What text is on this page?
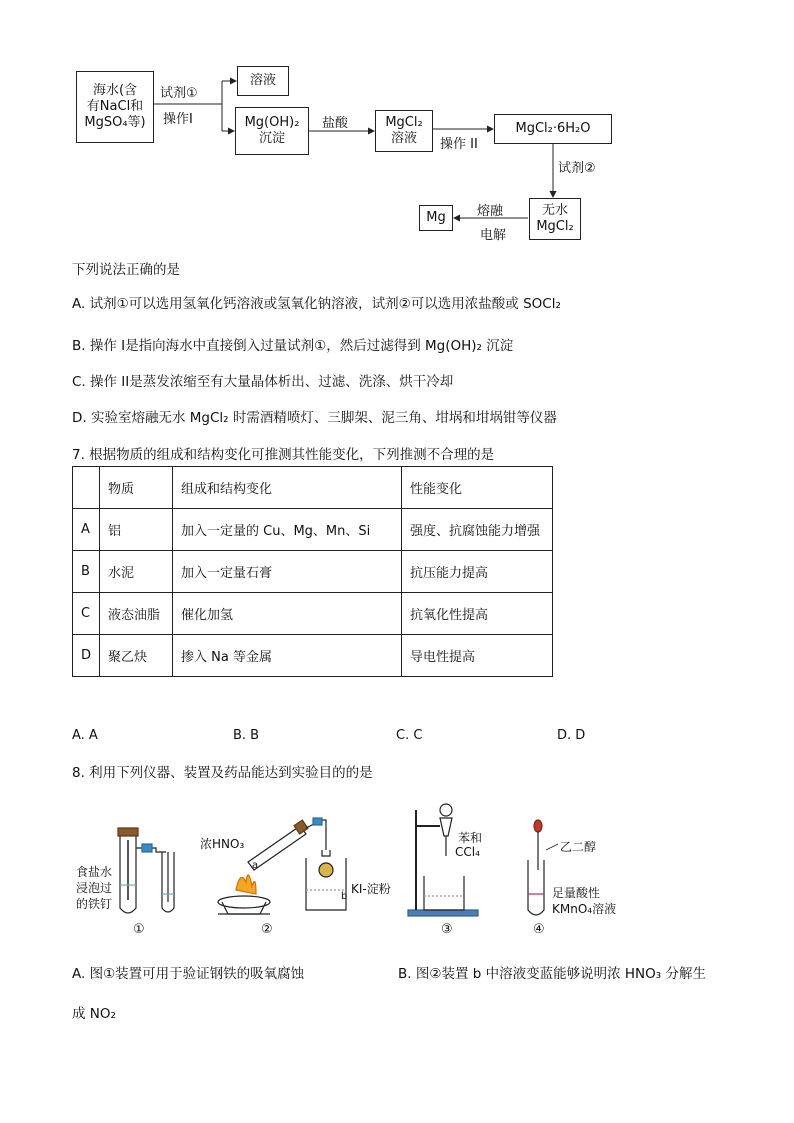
海水(含
有NaCl和
MgSO₄等)
试剂①
操作I
溶液
Mg(OH)₂
沉淀
盐酸	MgCl₂
溶液 操作 II
MgCl₂·6H₂O
试剂②
无水
MgCl₂
熔融
电解
Mg
下列说法正确的是
A. 试剂①可以选用氢氧化钙溶液或氢氧化钠溶液，试剂②可以选用浓盐酸或 SOCl₂
B. 操作 I是指向海水中直接倒入过量试剂①，然后过滤得到 Mg(OH)₂ 沉淀
C. 操作 II是蒸发浓缩至有大量晶体析出、过滤、洗涤、烘干冷却
D. 实验室熔融无水 MgCl₂ 时需酒精喷灯、三脚架、泥三角、坩埚和坩埚钳等仪器
7. 根据物质的组成和结构变化可推测其性能变化，下列推测不合理的是
	物质	组成和结构变化	性能变化
A	铝	加入一定量的 Cu、Mg、Mn、Si	强度、抗腐蚀能力增强
B	水泥	加入一定量石膏	抗压能力提高
C	液态油脂	催化加氢	抗氧化性提高
D	聚乙炔	掺入 Na 等金属	导电性提高
A. A	B. B	C. C	D. D
8. 利用下列仪器、装置及药品能达到实验目的的是
食盐水
浸泡过
的铁钉
浓HNO₃
a
b
KI-淀粉
苯和
CCl₄	乙二醇
足量酸性
KMnO₄溶液
①	②	③	④
A. 图①装置可用于验证钢铁的吸氧腐蚀	B. 图②装置 b 中溶液变蓝能够说明浓 HNO₃ 分解生
成 NO₂
